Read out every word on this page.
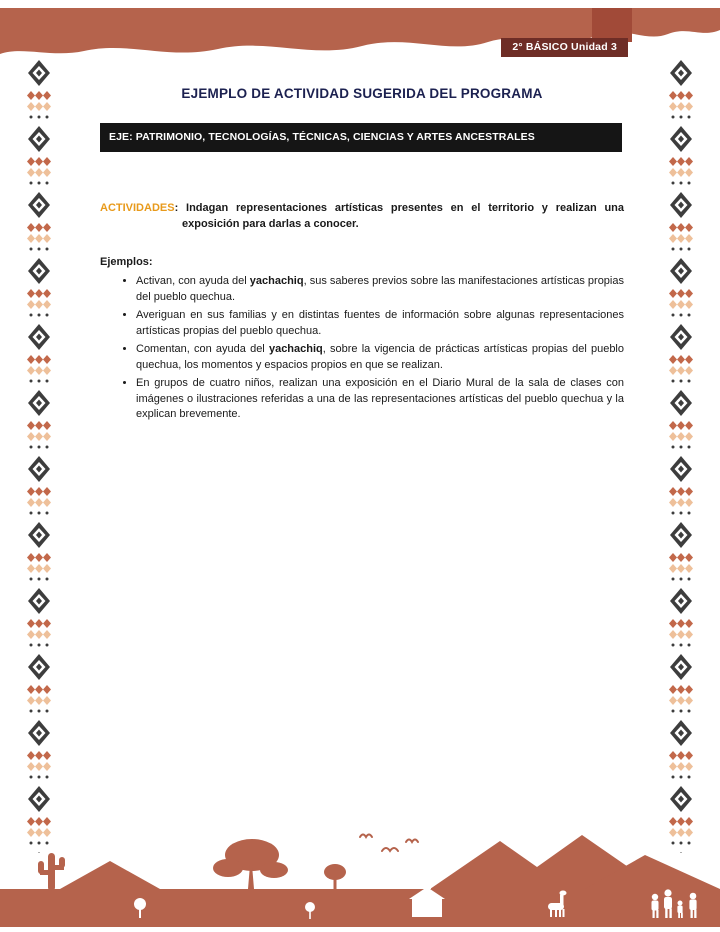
2° BÁSICO Unidad 3
EJEMPLO DE ACTIVIDAD SUGERIDA DEL PROGRAMA
EJE: PATRIMONIO, TECNOLOGÍAS, TÉCNICAS, CIENCIAS Y ARTES ANCESTRALES

ACTIVIDADES: Indagan representaciones artísticas presentes en el territorio y realizan una exposición para darlas a conocer.

Ejemplos:

• Activan, con ayuda del yachachiq, sus saberes previos sobre las manifestaciones artísticas propias del pueblo quechua.
• Averiguan en sus familias y en distintas fuentes de información sobre algunas representaciones artísticas propias del pueblo quechua.
• Comentan, con ayuda del yachachiq, sobre la vigencia de prácticas artísticas propias del pueblo quechua, los momentos y espacios propios en que se realizan.
• En grupos de cuatro niños, realizan una exposición en el Diario Mural de la sala de clases con imágenes o ilustraciones referidas a una de las representaciones artísticas del pueblo quechua y la explican brevemente.
